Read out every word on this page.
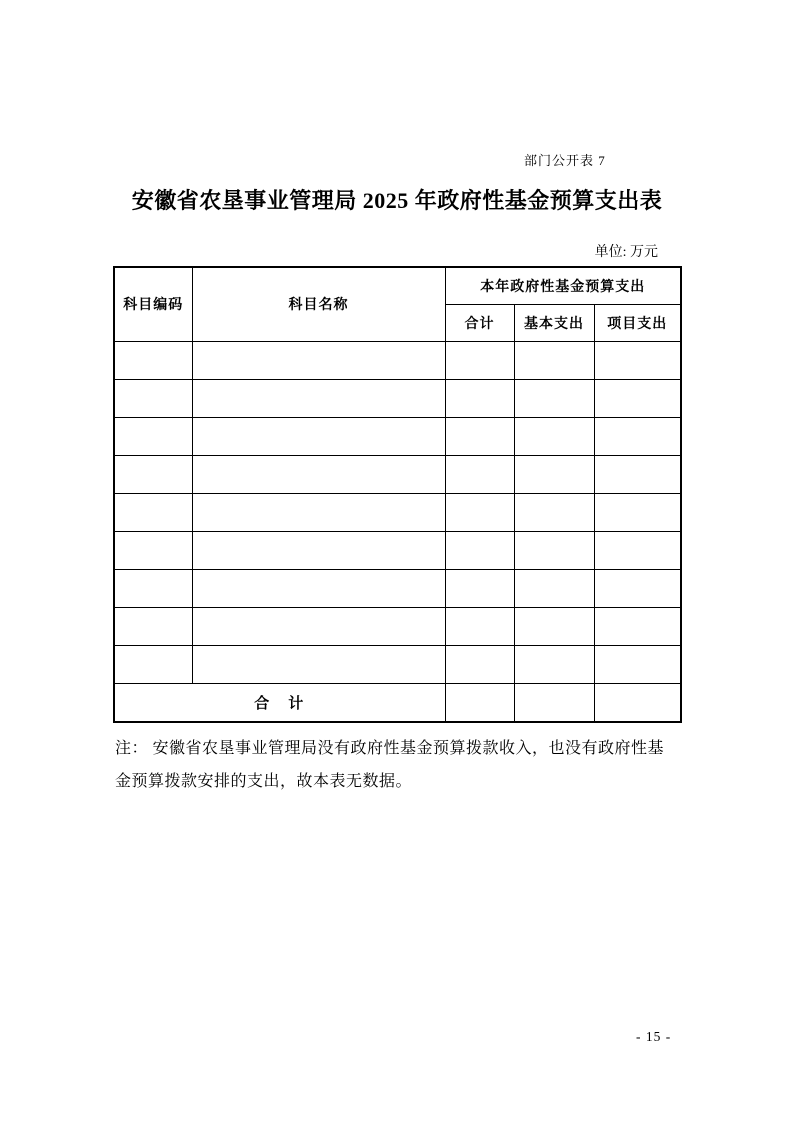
部门公开表 7
安徽省农垦事业管理局 2025 年政府性基金预算支出表
单位: 万元
科目编码	科目名称	本年政府性基金预算支出		
		合计	基本支出	项目支出

合　计				
注： 安徽省农垦事业管理局没有政府性基金预算拨款收入，也没有政府性基
金预算拨款安排的支出，故本表无数据。
- 15 -
